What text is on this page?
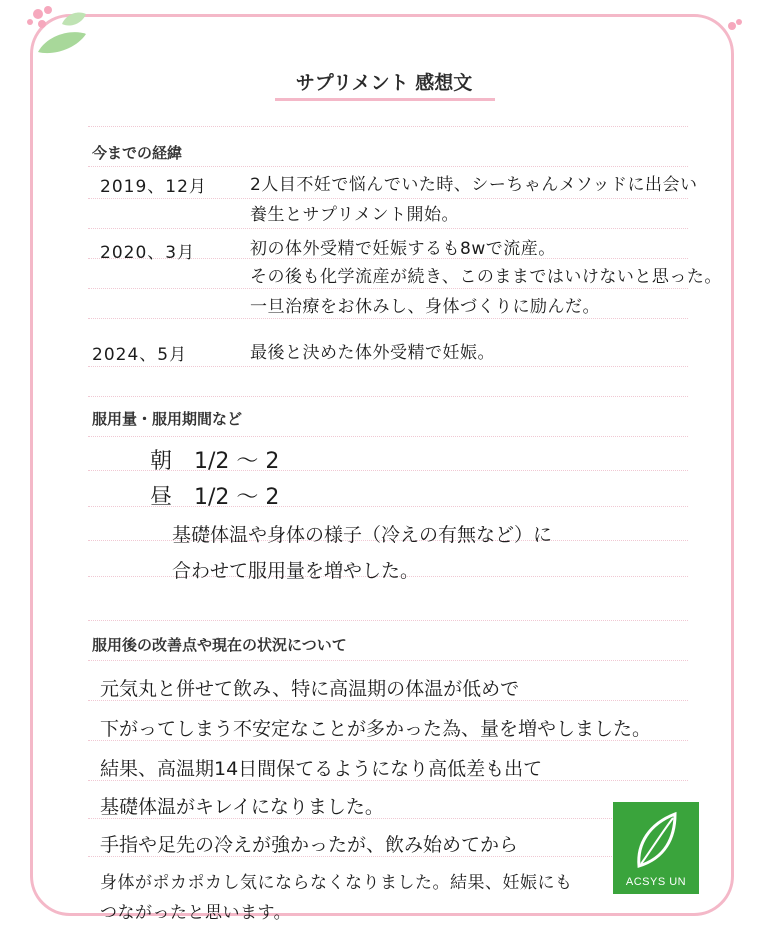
サプリメント 感想文
今までの経緯
2019、12月	2人目不妊で悩んでいた時、シーちゃんメソッドに出会い
養生とサプリメント開始。
2020、3月	初の体外受精で妊娠するも8wで流産。
その後も化学流産が続き、このままではいけないと思った。
一旦治療をお休みし、身体づくりに励んだ。
2024、5月	最後と決めた体外受精で妊娠。
服用量・服用期間など
朝　1/2 〜 2
昼　1/2 〜 2
基礎体温や身体の様子（冷えの有無など）に
合わせて服用量を増やした。
服用後の改善点や現在の状況について
元気丸と併せて飲み、特に高温期の体温が低めで
下がってしまう不安定なことが多かった為、量を増やしました。
結果、高温期14日間保てるようになり高低差も出て
基礎体温がキレイになりました。
手指や足先の冷えが強かったが、飲み始めてから
身体がポカポカし気にならなくなりました。結果、妊娠にも
つながったと思います。
ACSYS UN
